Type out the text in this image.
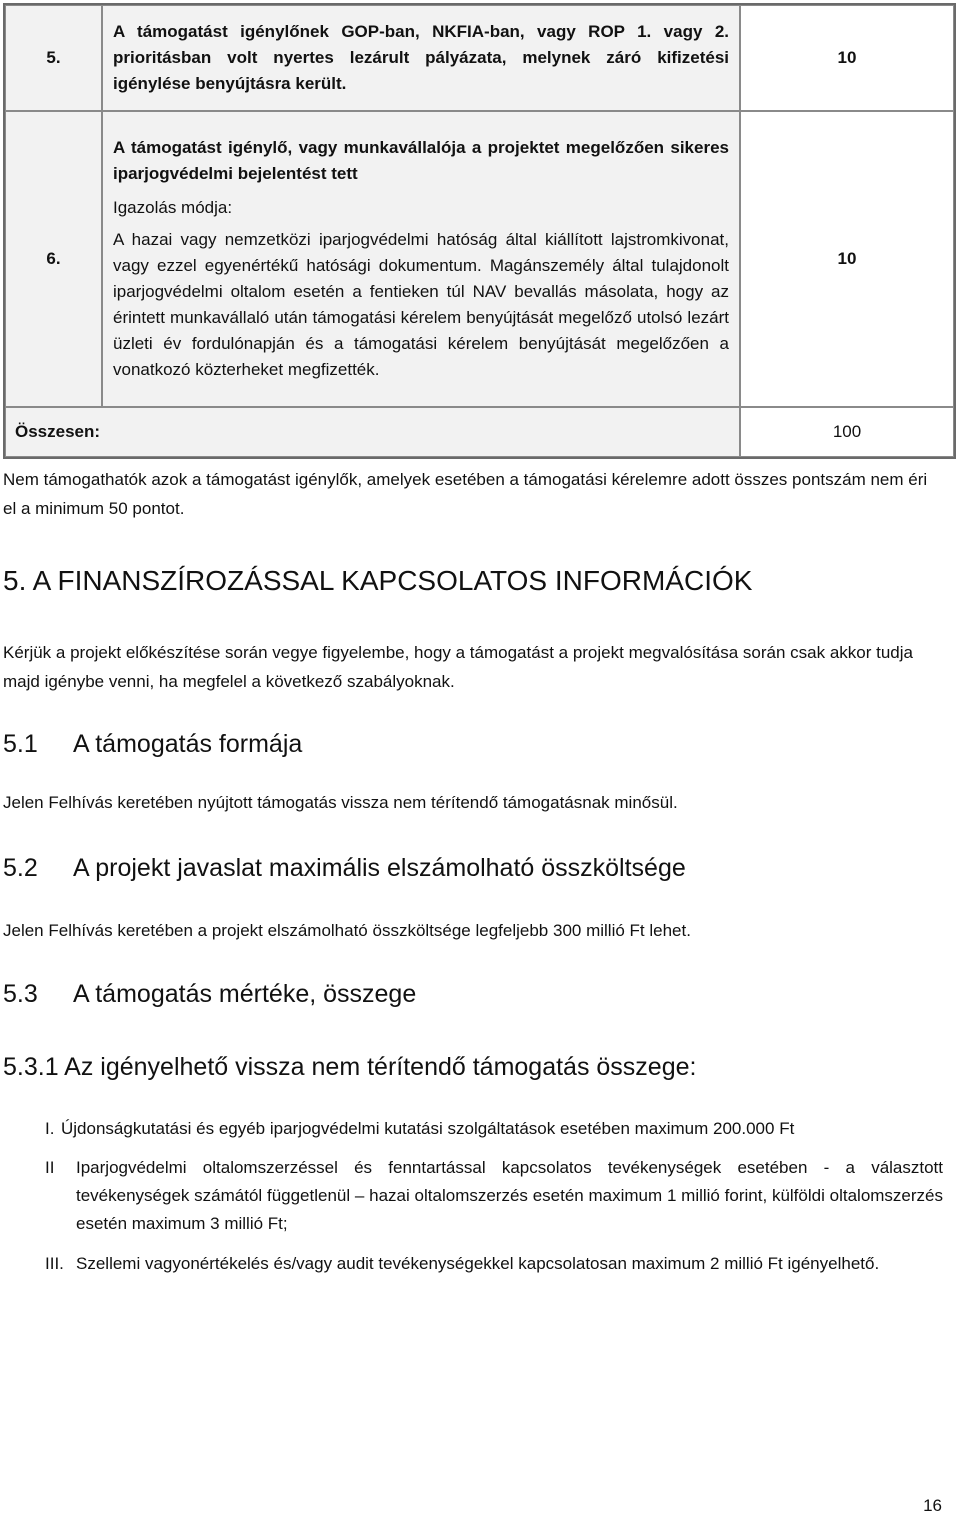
5.	A támogatást igénylőnek GOP-ban, NKFIA-ban, vagy ROP 1. vagy 2. prioritásban volt nyertes lezárult pályázata, melynek záró kifizetési igénylése benyújtásra került.	10
6.	A támogatást igénylő, vagy munkavállalója a projektet megelőzően sikeres iparjogvédelmi bejelentést tett
Igazolás módja:
A hazai vagy nemzetközi iparjogvédelmi hatóság által kiállított lajstromkivonat, vagy ezzel egyenértékű hatósági dokumentum. Magánszemély által tulajdonolt iparjogvédelmi oltalom esetén a fentieken túl NAV bevallás másolata, hogy az érintett munkavállaló után támogatási kérelem benyújtását megelőző utolsó lezárt üzleti év fordulónapján és a támogatási kérelem benyújtását megelőzően a vonatkozó közterheket megfizették.	10
Összesen:		100

Nem támogathatók azok a támogatást igénylők, amelyek esetében a támogatási kérelemre adott összes pontszám nem éri el a minimum 50 pontot.

5. A FINANSZÍROZÁSSAL KAPCSOLATOS INFORMÁCIÓK

Kérjük a projekt előkészítése során vegye figyelembe, hogy a támogatást a projekt megvalósítása során csak akkor tudja majd igénybe venni, ha megfelel a következő szabályoknak.

5.1 A támogatás formája

Jelen Felhívás keretében nyújtott támogatás vissza nem térítendő támogatásnak minősül.

5.2 A projekt javaslat maximális elszámolható összköltsége

Jelen Felhívás keretében a projekt elszámolható összköltsége legfeljebb 300 millió Ft lehet.

5.3 A támogatás mértéke, összege
5.3.1 Az igényelhető vissza nem térítendő támogatás összege:
I. Újdonságkutatási és egyéb iparjogvédelmi kutatási szolgáltatások esetében maximum 200.000 Ft
II	Iparjogvédelmi oltalomszerzéssel és fenntartással kapcsolatos tevékenységek esetében - a választott tevékenységek számától függetlenül – hazai oltalomszerzés esetén maximum 1 millió forint, külföldi oltalomszerzés esetén maximum 3 millió Ft;
III. Szellemi vagyonértékelés és/vagy audit tevékenységekkel kapcsolatosan maximum 2 millió Ft igényelhető.
16
